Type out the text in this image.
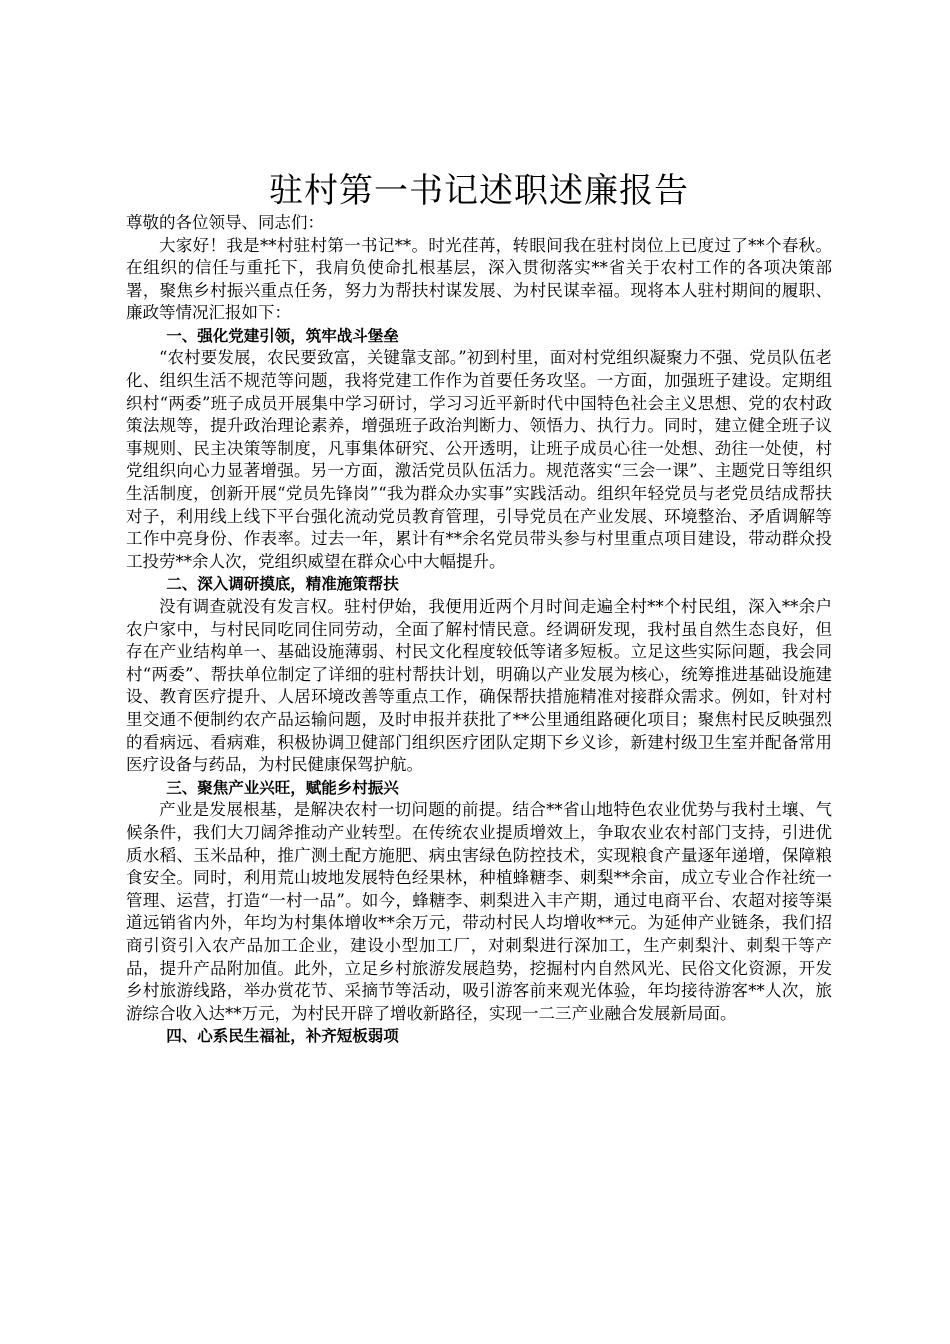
驻村第一书记述职述廉报告

尊敬的各位领导、同志们：

大家好！我是**村驻村第一书记**。时光荏苒，转眼间我在驻村岗位上已度过了**个春秋。在组织的信任与重托下，我肩负使命扎根基层，深入贯彻落实**省关于农村工作的各项决策部署，聚焦乡村振兴重点任务，努力为帮扶村谋发展、为村民谋幸福。现将本人驻村期间的履职、廉政等情况汇报如下：

一、强化党建引领，筑牢战斗堡垒

“农村要发展，农民要致富，关键靠支部。”初到村里，面对村党组织凝聚力不强、党员队伍老化、组织生活不规范等问题，我将党建工作作为首要任务攻坚。一方面，加强班子建设。定期组织村“两委”班子成员开展集中学习研讨，学习习近平新时代中国特色社会主义思想、党的农村政策法规等，提升政治理论素养，增强班子政治判断力、领悟力、执行力。同时，建立健全班子议事规则、民主决策等制度，凡事集体研究、公开透明，让班子成员心往一处想、劲往一处使，村党组织向心力显著增强。另一方面，激活党员队伍活力。规范落实“三会一课”、主题党日等组织生活制度，创新开展“党员先锋岗”“我为群众办实事”实践活动。组织年轻党员与老党员结成帮扶对子，利用线上线下平台强化流动党员教育管理，引导党员在产业发展、环境整治、矛盾调解等工作中亮身份、作表率。过去一年，累计有**余名党员带头参与村里重点项目建设，带动群众投工投劳**余人次，党组织威望在群众心中大幅提升。

二、深入调研摸底，精准施策帮扶

没有调查就没有发言权。驻村伊始，我便用近两个月时间走遍全村**个村民组，深入**余户农户家中，与村民同吃同住同劳动，全面了解村情民意。经调研发现，我村虽自然生态良好，但存在产业结构单一、基础设施薄弱、村民文化程度较低等诸多短板。立足这些实际问题，我会同村“两委”、帮扶单位制定了详细的驻村帮扶计划，明确以产业发展为核心，统筹推进基础设施建设、教育医疗提升、人居环境改善等重点工作，确保帮扶措施精准对接群众需求。例如，针对村里交通不便制约农产品运输问题，及时申报并获批了**公里通组路硬化项目；聚焦村民反映强烈的看病远、看病难，积极协调卫健部门组织医疗团队定期下乡义诊，新建村级卫生室并配备常用医疗设备与药品，为村民健康保驾护航。

三、聚焦产业兴旺，赋能乡村振兴

产业是发展根基，是解决农村一切问题的前提。结合**省山地特色农业优势与我村土壤、气候条件，我们大刀阔斧推动产业转型。在传统农业提质增效上，争取农业农村部门支持，引进优质水稻、玉米品种，推广测土配方施肥、病虫害绿色防控技术，实现粮食产量逐年递增，保障粮食安全。同时，利用荒山坡地发展特色经果林，种植蜂糖李、刺梨**余亩，成立专业合作社统一管理、运营，打造“一村一品”。如今，蜂糖李、刺梨进入丰产期，通过电商平台、农超对接等渠道远销省内外，年均为村集体增收**余万元，带动村民人均增收**元。为延伸产业链条，我们招商引资引入农产品加工企业，建设小型加工厂，对刺梨进行深加工，生产刺梨汁、刺梨干等产品，提升产品附加值。此外，立足乡村旅游发展趋势，挖掘村内自然风光、民俗文化资源，开发乡村旅游线路，举办赏花节、采摘节等活动，吸引游客前来观光体验，年均接待游客**人次，旅游综合收入达**万元，为村民开辟了增收新路径，实现一二三产业融合发展新局面。

四、心系民生福祉，补齐短板弱项
